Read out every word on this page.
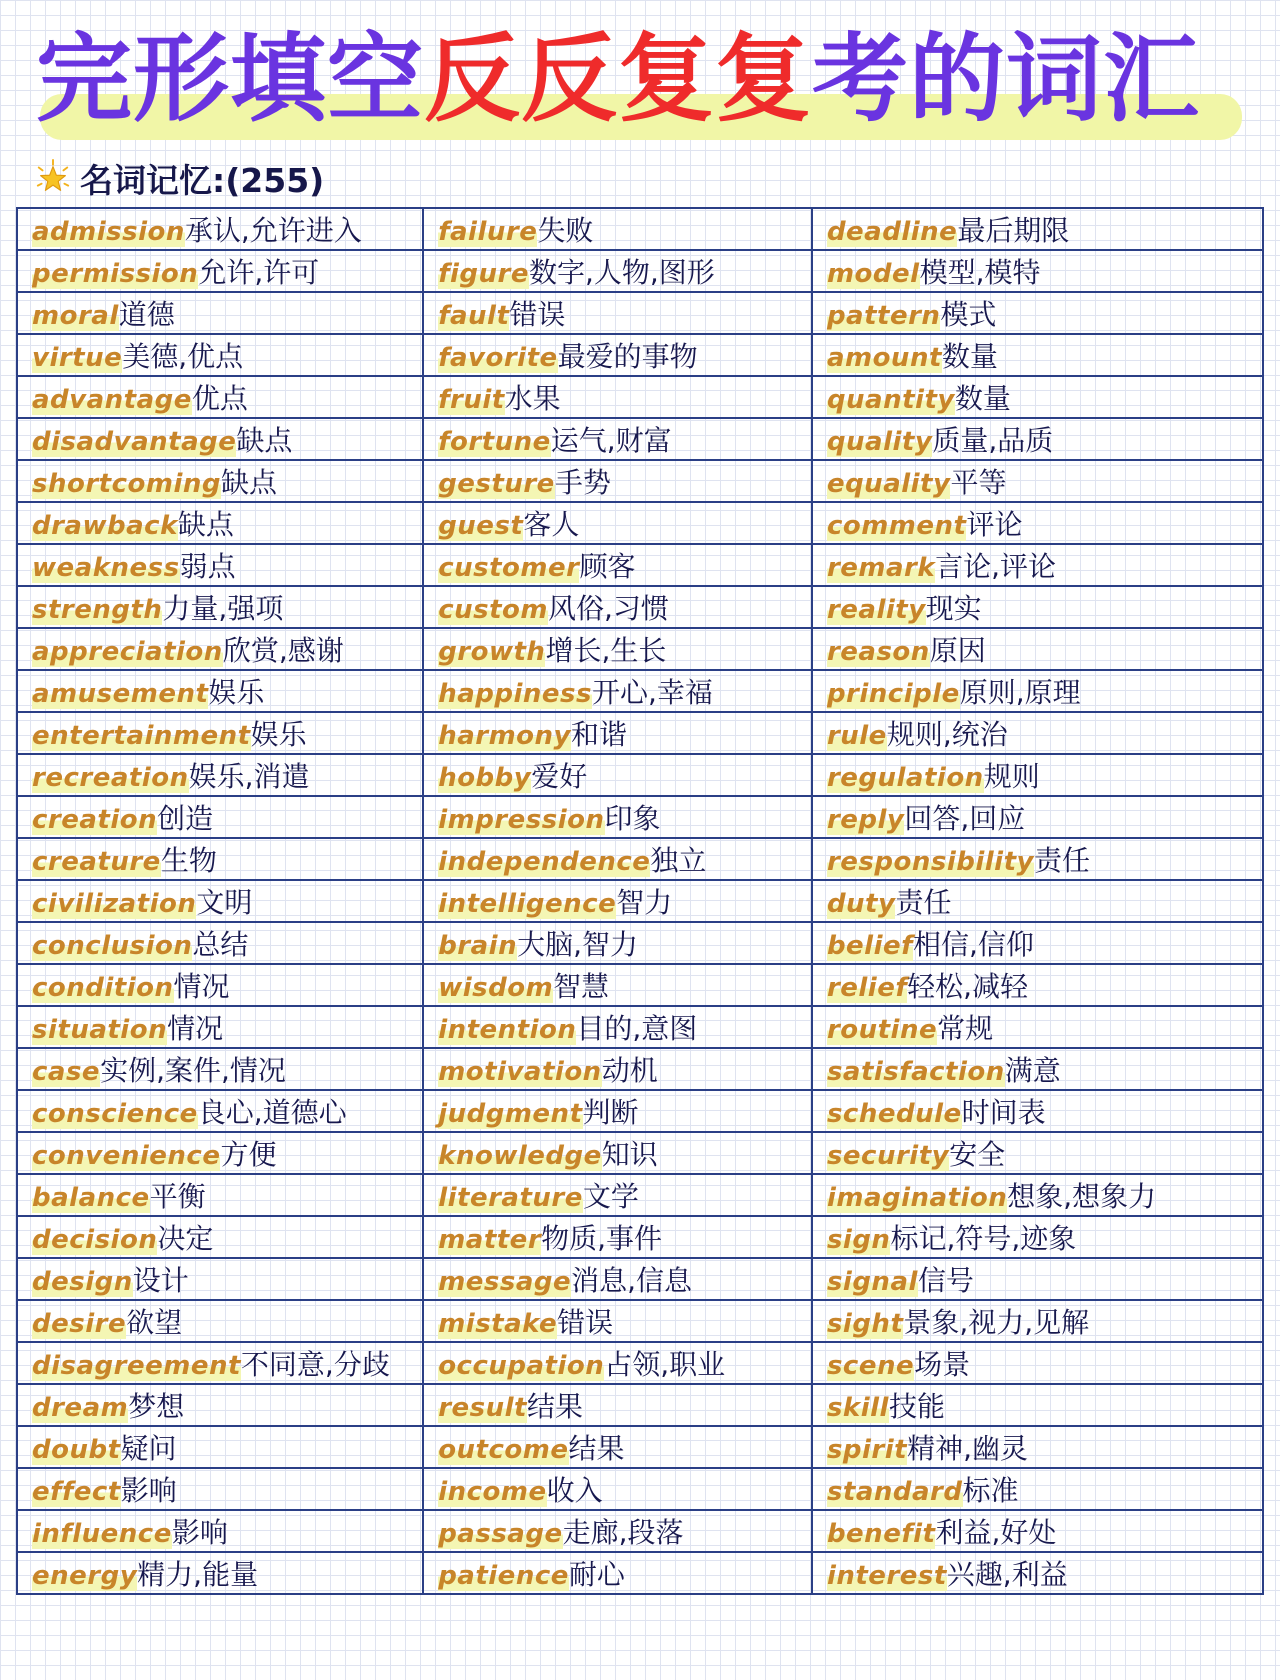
完形填空反反复复考的词汇
名词记忆:(255)
admission承认,允许进入	failure失败	deadline最后期限
permission允许,许可	figure数字,人物,图形	model模型,模特
moral道德	fault错误	pattern模式
virtue美德,优点	favorite最爱的事物	amount数量
advantage优点	fruit水果	quantity数量
disadvantage缺点	fortune运气,财富	quality质量,品质
shortcoming缺点	gesture手势	equality平等
drawback缺点	guest客人	comment评论
weakness弱点	customer顾客	remark言论,评论
strength力量,强项	custom风俗,习惯	reality现实
appreciation欣赏,感谢	growth增长,生长	reason原因
amusement娱乐	happiness开心,幸福	principle原则,原理
entertainment娱乐	harmony和谐	rule规则,统治
recreation娱乐,消遣	hobby爱好	regulation规则
creation创造	impression印象	reply回答,回应
creature生物	independence独立	responsibility责任
civilization文明	intelligence智力	duty责任
conclusion总结	brain大脑,智力	belief相信,信仰
condition情况	wisdom智慧	relief轻松,减轻
situation情况	intention目的,意图	routine常规
case实例,案件,情况	motivation动机	satisfaction满意
conscience良心,道德心	judgment判断	schedule时间表
convenience方便	knowledge知识	security安全
balance平衡	literature文学	imagination想象,想象力
decision决定	matter物质,事件	sign标记,符号,迹象
design设计	message消息,信息	signal信号
desire欲望	mistake错误	sight景象,视力,见解
disagreement不同意,分歧	occupation占领,职业	scene场景
dream梦想	result结果	skill技能
doubt疑问	outcome结果	spirit精神,幽灵
effect影响	income收入	standard标准
influence影响	passage走廊,段落	benefit利益,好处
energy精力,能量	patience耐心	interest兴趣,利益
